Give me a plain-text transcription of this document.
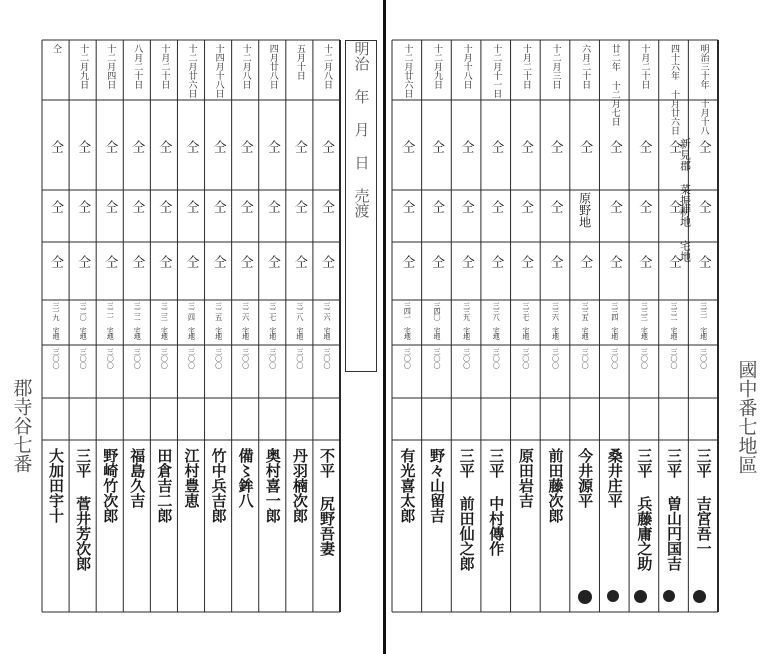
郡寺谷七番	國中番七地區
新見郡 菜振村
耕地 宅地
明治 年 月 日 売渡
十二月八日
仝
仝
仝
三二六 宅地
三〇〇
不平 尻野吾妻
五月十日
仝
仝
仝
三二八 宅地
三〇〇
丹羽楠次郎
四月廿八日
仝
仝
仝
三二七 宅地
三〇〇
奥村喜一郎
十二月八日
仝
仝
仝
三二六 宅地
三〇〇
備〻鉾八
十四月十八日
仝
仝
仝
三二五 宅地
三〇〇
竹中兵吉郎
十二月廿六日
仝
仝
仝
三二四 宅地
三〇〇
江村豊恵
十月二十日
仝
仝
仝
三二三 宅地
三〇〇
田倉吉二郎
八月二十日
仝
仝
仝
三二二 宅地
三〇〇
福島久吉
十二月四日
仝
仝
仝
三二一 宅地
三〇〇
野崎竹次郎
十二月九日
仝
仝
仝
三二〇 宅地
三〇〇
三平 菅井芳次郎
仝
仝
仝
仝
三一九 宅地
三〇〇
大加田宇十
明治三十年 十月十八
仝
仝
仝
三三一 宅地
三〇〇
三平 吉宮吾一
四十六年 十月廿六日
仝
仝
仝
三三二 宅地
三〇〇
三平 曽山円国吉
十月二十日
仝
仝
仝
三三三 宅地
三〇〇
三平 兵藤庸之助
廿二年 十二月七日
仝
仝
仝
三三四 宅地
三〇〇
桑井庄平
六月二十日
仝
原野地
仝
三三五 宅地
三〇〇
今井源平
十二月三日
仝
仝
仝
三三六 宅地
三〇〇
前田藤次郎
十月二十日
仝
仝
仝
三三七 宅地
三〇〇
原田岩吉
十二月十一日
仝
仝
仝
三三八 宅地
三〇〇
三平 中村傳作
十月十八日
仝
仝
仝
三三九 宅地
三〇〇
三平 前田仙之郎
十二月九日
仝
仝
仝
三四〇 宅地
三〇〇
野々山留吉
十二月廿六日
仝
仝
仝
三四一 宅地
三〇〇
有光喜太郎
